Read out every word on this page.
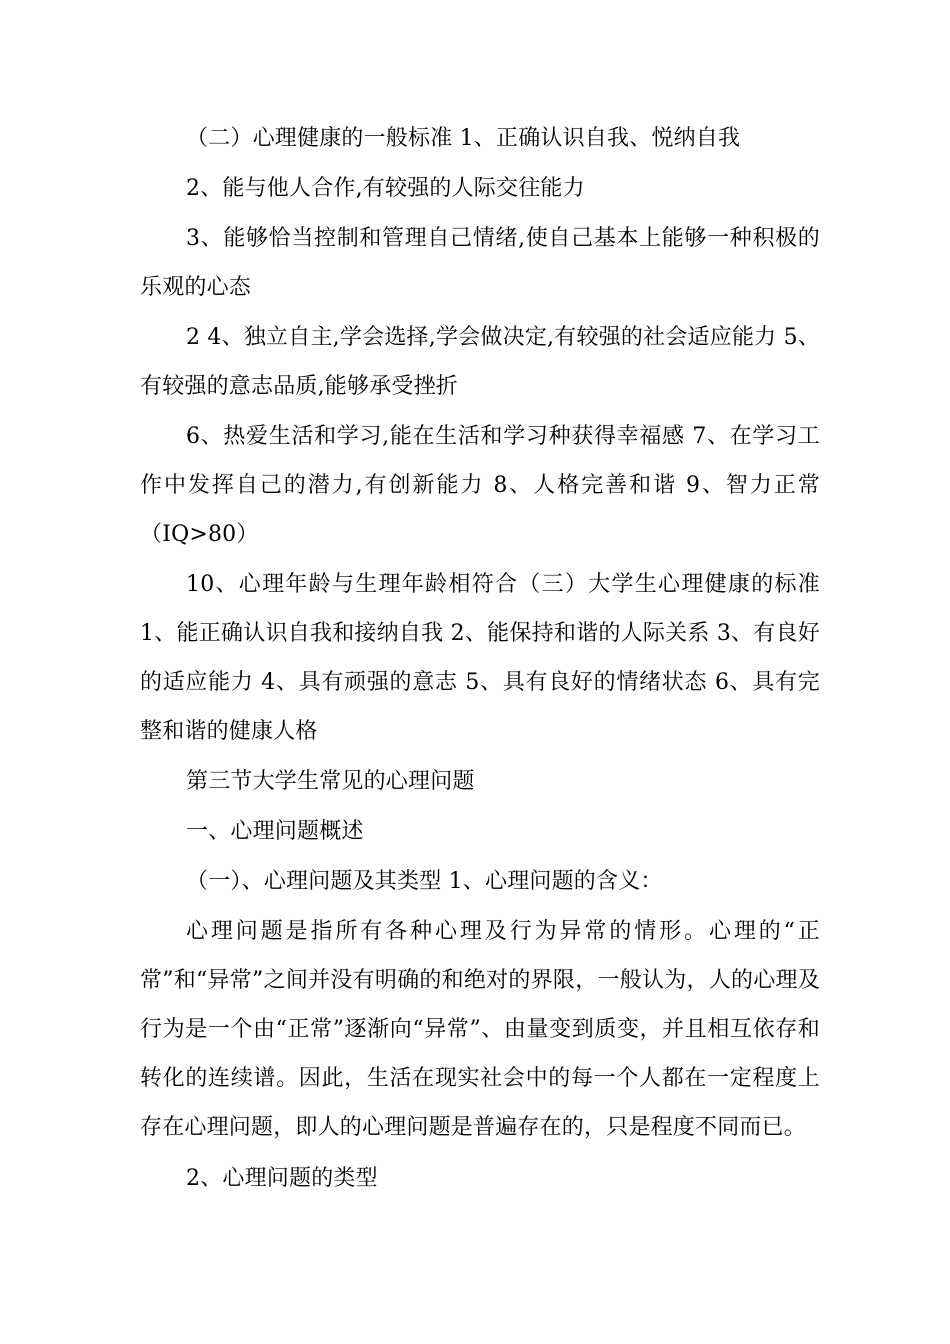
（二）心理健康的一般标准 1、正确认识自我、悦纳自我

2、能与他人合作,有较强的人际交往能力

3、能够恰当控制和管理自己情绪,使自己基本上能够一种积极的乐观的心态

2 4、独立自主,学会选择,学会做决定,有较强的社会适应能力 5、有较强的意志品质,能够承受挫折

6、热爱生活和学习,能在生活和学习种获得幸福感 7、在学习工作中发挥自己的潜力,有创新能力 8、人格完善和谐 9、智力正常（IQ>80）

10、心理年龄与生理年龄相符合（三）大学生心理健康的标准 1、能正确认识自我和接纳自我 2、能保持和谐的人际关系 3、有良好的适应能力 4、具有顽强的意志 5、具有良好的情绪状态 6、具有完整和谐的健康人格

第三节大学生常见的心理问题

一、心理问题概述

（一）、心理问题及其类型 1、心理问题的含义：

心理问题是指所有各种心理及行为异常的情形。心理的“正常”和“异常”之间并没有明确的和绝对的界限，一般认为，人的心理及行为是一个由“正常”逐渐向“异常”、由量变到质变，并且相互依存和转化的连续谱。因此，生活在现实社会中的每一个人都在一定程度上存在心理问题，即人的心理问题是普遍存在的，只是程度不同而已。

2、心理问题的类型
